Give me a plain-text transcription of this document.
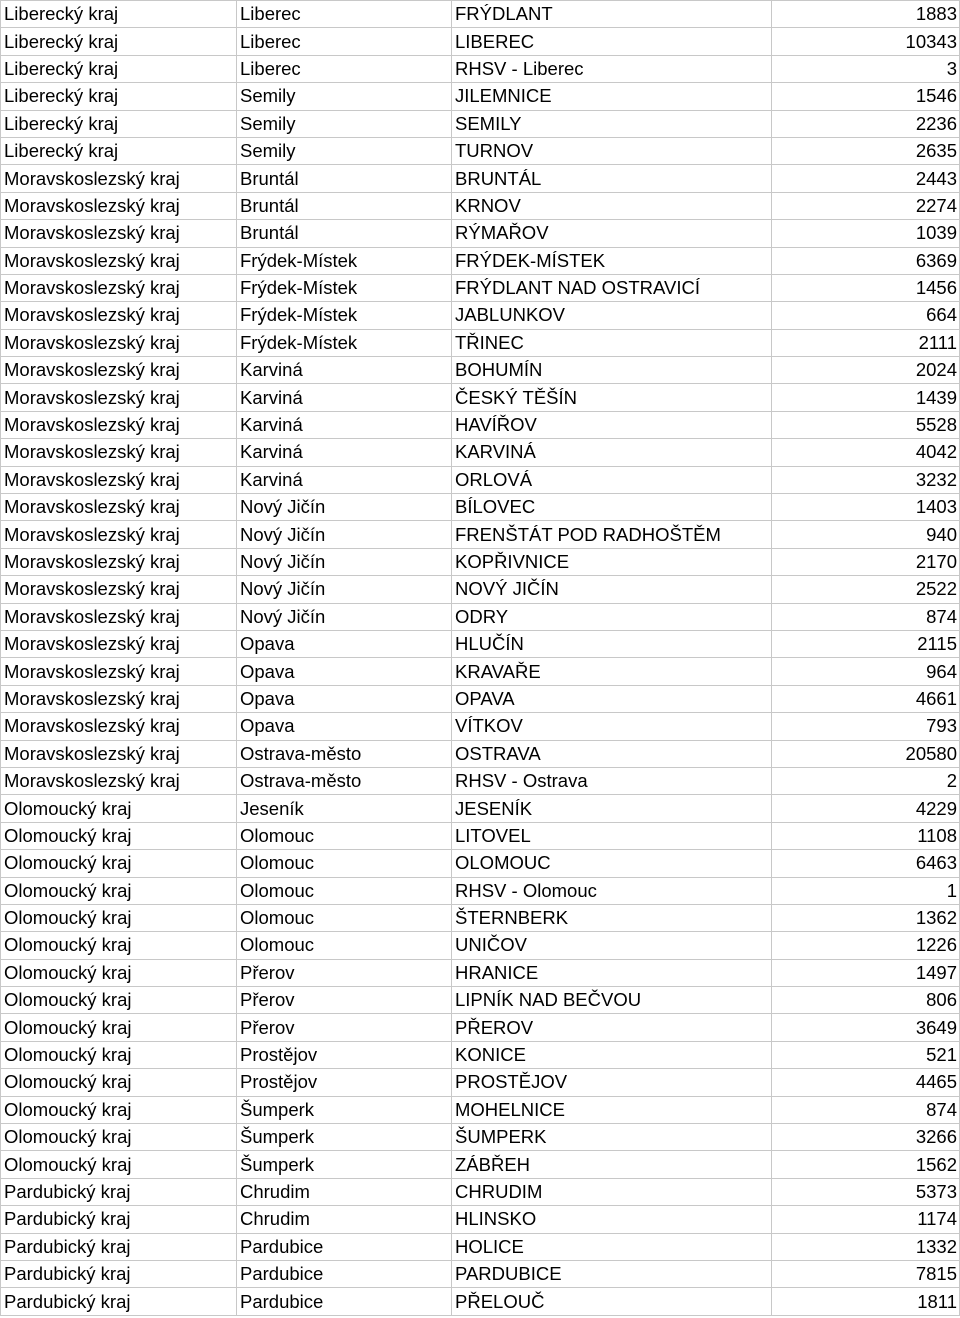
Liberecký kraj	Liberec	FRÝDLANT	1883
Liberecký kraj	Liberec	LIBEREC	10343
Liberecký kraj	Liberec	RHSV - Liberec	3
Liberecký kraj	Semily	JILEMNICE	1546
Liberecký kraj	Semily	SEMILY	2236
Liberecký kraj	Semily	TURNOV	2635
Moravskoslezský kraj	Bruntál	BRUNTÁL	2443
Moravskoslezský kraj	Bruntál	KRNOV	2274
Moravskoslezský kraj	Bruntál	RÝMAŘOV	1039
Moravskoslezský kraj	Frýdek-Místek	FRÝDEK-MÍSTEK	6369
Moravskoslezský kraj	Frýdek-Místek	FRÝDLANT NAD OSTRAVICÍ	1456
Moravskoslezský kraj	Frýdek-Místek	JABLUNKOV	664
Moravskoslezský kraj	Frýdek-Místek	TŘINEC	2111
Moravskoslezský kraj	Karviná	BOHUMÍN	2024
Moravskoslezský kraj	Karviná	ČESKÝ TĚŠÍN	1439
Moravskoslezský kraj	Karviná	HAVÍŘOV	5528
Moravskoslezský kraj	Karviná	KARVINÁ	4042
Moravskoslezský kraj	Karviná	ORLOVÁ	3232
Moravskoslezský kraj	Nový Jičín	BÍLOVEC	1403
Moravskoslezský kraj	Nový Jičín	FRENŠTÁT POD RADHOŠTĚM	940
Moravskoslezský kraj	Nový Jičín	KOPŘIVNICE	2170
Moravskoslezský kraj	Nový Jičín	NOVÝ JIČÍN	2522
Moravskoslezský kraj	Nový Jičín	ODRY	874
Moravskoslezský kraj	Opava	HLUČÍN	2115
Moravskoslezský kraj	Opava	KRAVAŘE	964
Moravskoslezský kraj	Opava	OPAVA	4661
Moravskoslezský kraj	Opava	VÍTKOV	793
Moravskoslezský kraj	Ostrava-město	OSTRAVA	20580
Moravskoslezský kraj	Ostrava-město	RHSV - Ostrava	2
Olomoucký kraj	Jeseník	JESENÍK	4229
Olomoucký kraj	Olomouc	LITOVEL	1108
Olomoucký kraj	Olomouc	OLOMOUC	6463
Olomoucký kraj	Olomouc	RHSV - Olomouc	1
Olomoucký kraj	Olomouc	ŠTERNBERK	1362
Olomoucký kraj	Olomouc	UNIČOV	1226
Olomoucký kraj	Přerov	HRANICE	1497
Olomoucký kraj	Přerov	LIPNÍK NAD BEČVOU	806
Olomoucký kraj	Přerov	PŘEROV	3649
Olomoucký kraj	Prostějov	KONICE	521
Olomoucký kraj	Prostějov	PROSTĚJOV	4465
Olomoucký kraj	Šumperk	MOHELNICE	874
Olomoucký kraj	Šumperk	ŠUMPERK	3266
Olomoucký kraj	Šumperk	ZÁBŘEH	1562
Pardubický kraj	Chrudim	CHRUDIM	5373
Pardubický kraj	Chrudim	HLINSKO	1174
Pardubický kraj	Pardubice	HOLICE	1332
Pardubický kraj	Pardubice	PARDUBICE	7815
Pardubický kraj	Pardubice	PŘELOUČ	1811
